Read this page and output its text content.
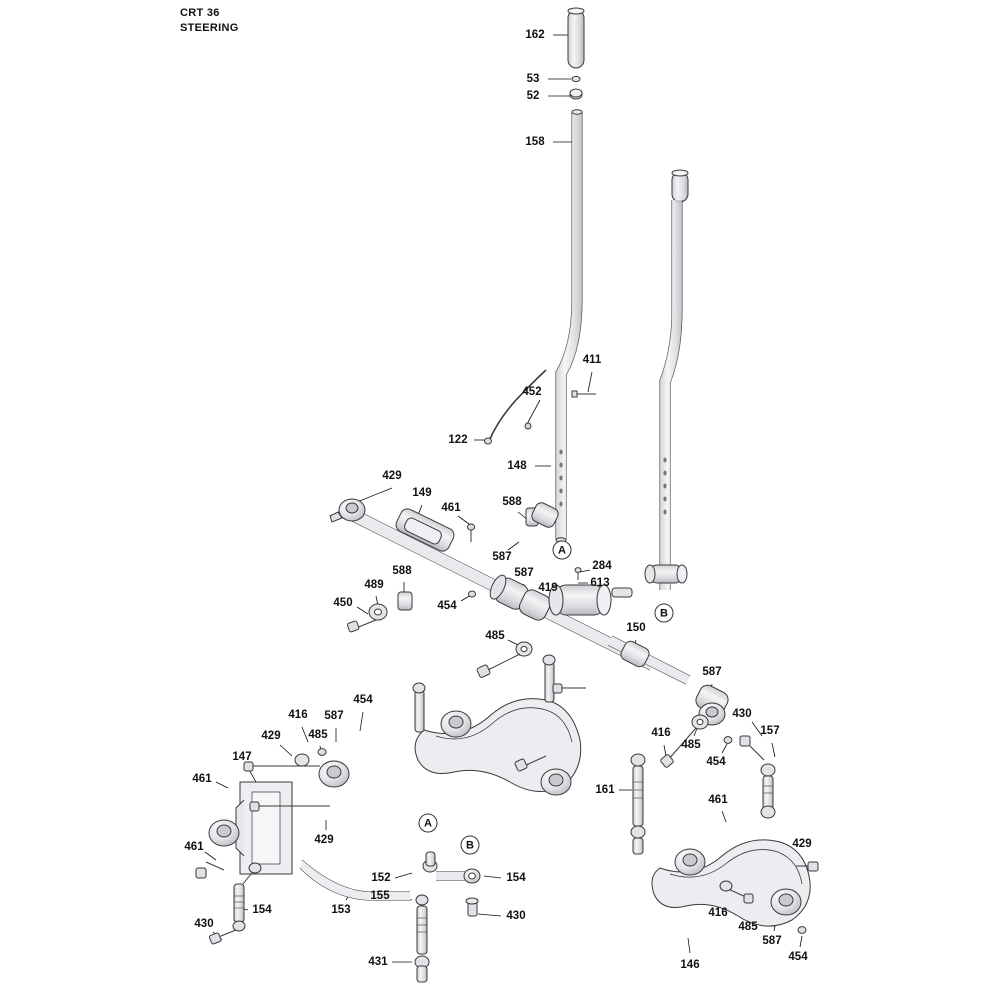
CRT 36
STEERING
162
53
52
158
411
452
122
148
429
149
461	588
587
588
489
450	454
587
419
284
613
485
150
587
430
157
416
485
454
454
416 587
429 485
147
461
461
429
161
461
429
152	154
153
155
430
154
430
431
416
485
587
454
146
A
B
A
B
